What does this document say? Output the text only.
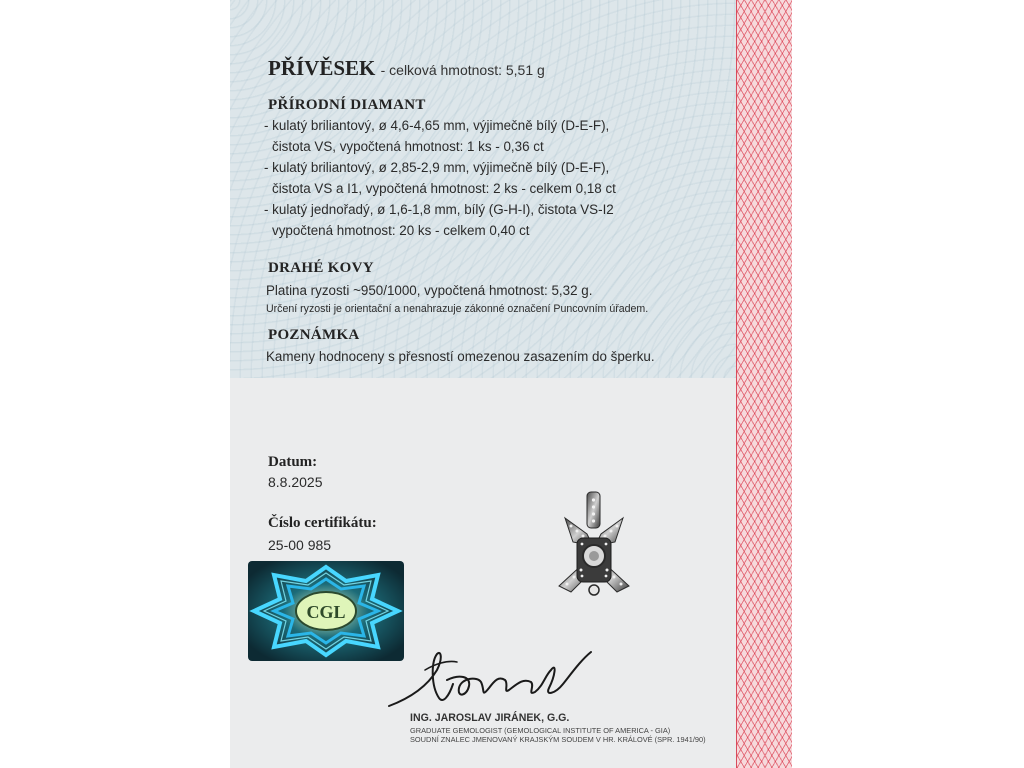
PŘÍVĚSEK - celková hmotnost: 5,51 g
PŘÍRODNÍ DIAMANT
- kulatý briliantový, ø 4,6-4,65 mm, výjimečně bílý (D-E-F),
čistota VS, vypočtená hmotnost: 1 ks - 0,36 ct
- kulatý briliantový, ø 2,85-2,9 mm, výjimečně bílý (D-E-F),
čistota VS a I1, vypočtená hmotnost: 2 ks - celkem 0,18 ct
- kulatý jednořadý, ø 1,6-1,8 mm, bílý (G-H-I), čistota VS-I2
vypočtená hmotnost: 20 ks - celkem 0,40 ct
DRAHÉ KOVY
Platina ryzosti ~950/1000, vypočtená hmotnost: 5,32 g.
Určení ryzosti je orientační a nenahrazuje zákonné označení Puncovním úřadem.
POZNÁMKA
Kameny hodnoceny s přesností omezenou zasazením do šperku.
Datum:
8.8.2025
Číslo certifikátu:
25-00 985
CGL
ING. JAROSLAV JIRÁNEK, G.G.
GRADUATE GEMOLOGIST (GEMOLOGICAL INSTITUTE OF AMERICA - GIA)
SOUDNÍ ZNALEC JMENOVANÝ KRAJSKÝM SOUDEM V HR. KRÁLOVÉ (SPR. 1941/90)
